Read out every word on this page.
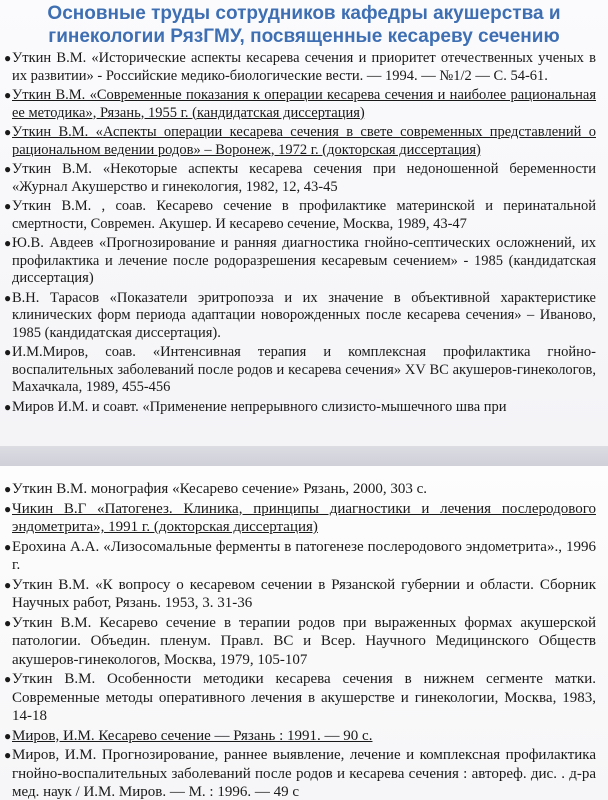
Основные труды сотрудников кафедры акушерства и гинекологии РязГМУ, посвященные кесареву сечению

● Уткин В.М. «Исторические аспекты кесарева сечения и приоритет отечественных ученых в их развитии» - Российские медико-биологические вести. — 1994. — №1/2 — С. 54-61.

● Уткин В.М. «Современные показания к операции кесарева сечения и наиболее рациональная ее методика», Рязань, 1955 г. (кандидатская диссертация)

● Уткин В.М. «Аспекты операции кесарева сечения в свете современных представлений о рациональном ведении родов» – Воронеж, 1972 г. (докторская диссертация)

● Уткин В.М. «Некоторые аспекты кесарева сечения при недоношенной беременности «Журнал Акушерство и гинекология, 1982, 12, 43-45

● Уткин В.М. , соав. Кесарево сечение в профилактике материнской и перинатальной смертности, Современ. Акушер. И кесарево сечение, Москва, 1989, 43-47

● Ю.В. Авдеев «Прогнозирование и ранняя диагностика гнойно-септических осложнений, их профилактика и лечение после родоразрешения кесаревым сечением» - 1985 (кандидатская диссертация)

● В.Н. Тарасов «Показатели эритропоэза и их значение в объективной характеристике клинических форм периода адаптации новорожденных после кесарева сечения» – Иваново, 1985 (кандидатская диссертация).

● И.М.Миров, соав. «Интенсивная терапия и комплексная профилактика гнойно-воспалительных заболеваний после родов и кесарева сечения» XV ВС акушеров-гинекологов, Махачкала, 1989, 455-456

● Миров И.М. и соавт. «Применение непрерывного слизисто-мышечного шва при

● Уткин В.М. монография «Кесарево сечение» Рязань, 2000, 303 с.

● Чикин В.Г «Патогенез. Клиника, принципы диагностики и лечения послеродового эндометрита», 1991 г. (докторская диссертация)

● Ерохина А.А. «Лизосомальные ферменты в патогенезе послеродового эндометрита»., 1996 г.

● Уткин В.М. «К вопросу о кесаревом сечении в Рязанской губернии и области. Сборник Научных работ, Рязань. 1953, 3. 31-36

● Уткин В.М. Кесарево сечение в терапии родов при выраженных формах акушерской патологии. Объедин. пленум. Правл. ВС и Всер. Научного Медицинского Обществ акушеров-гинекологов, Москва, 1979, 105-107

● Уткин В.М. Особенности методики кесарева сечения в нижнем сегменте матки. Современные методы оперативного лечения в акушерстве и гинекологии, Москва, 1983, 14-18

● Миров, И.М. Кесарево сечение — Рязань : 1991. — 90 с.

● Миров, И.М. Прогнозирование, раннее выявление, лечение и комплексная профилактика гнойно-воспалительных заболеваний после родов и кесарева сечения : автореф. дис. . д-ра мед. наук / И.М. Миров. — М. : 1996. — 49 с
